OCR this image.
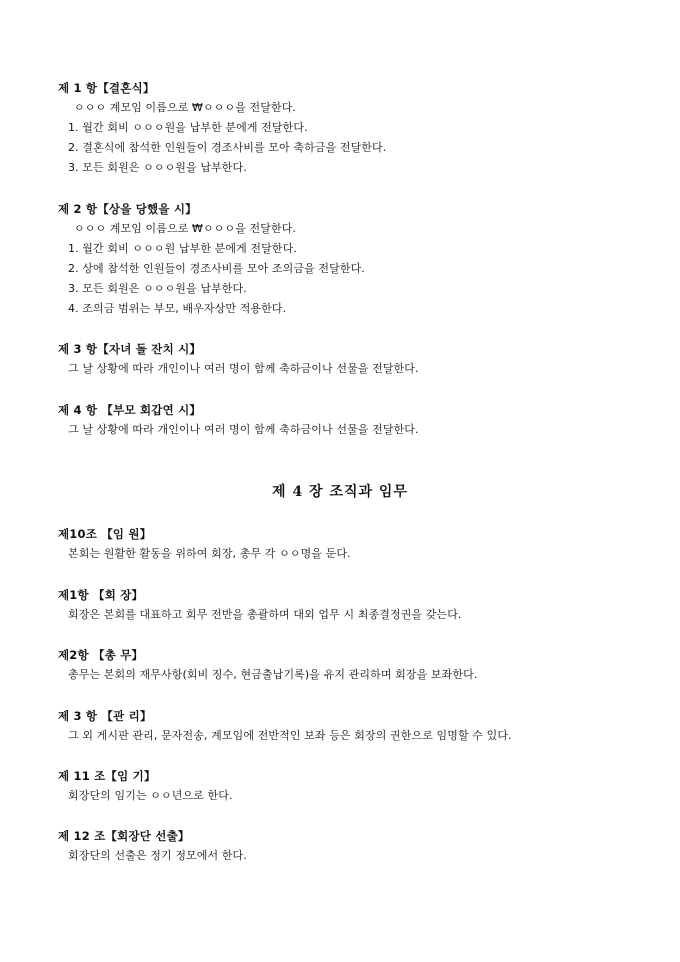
제 1 항【결혼식】
ㅇㅇㅇ 계모임 이름으로 ₩ㅇㅇㅇ을 전달한다.
1. 월간 회비 ㅇㅇㅇ원을 납부한 분에게 전달한다.
2. 결혼식에 참석한 인원들이 경조사비를 모아 축하금을 전달한다.
3. 모든 회원은 ㅇㅇㅇ원을 납부한다.
제 2 항【상을 당했을 시】
ㅇㅇㅇ 계모임 이름으로 ₩ㅇㅇㅇ을 전달한다.
1. 월간 회비 ㅇㅇㅇ원 납부한 분에게 전달한다.
2. 상에 참석한 인원들이 경조사비를 모아 조의금을 전달한다.
3. 모든 회원은 ㅇㅇㅇ원을 납부한다.
4. 조의금 범위는 부모, 배우자상만 적용한다.
제 3 항【자녀 돌 잔치 시】
그 날 상황에 따라 개인이나 여러 명이 함께 축하금이나 선물을 전달한다.
제 4 항 【부모 회갑연 시】
그 날 상황에 따라 개인이나 여러 명이 함께 축하금이나 선물을 전달한다.
제 4 장 조직과 임무
제10조 【임 원】
본회는 원활한 활동을 위하여 회장, 총무 각 ㅇㅇ명을 둔다.
제1항 【회 장】
회장은 본회를 대표하고 회무 전반을 총괄하며 대외 업무 시 최종결정권을 갖는다.
제2항 【총 무】
총무는 본회의 재무사항(회비 징수, 현금출납기록)을 유지 관리하며 회장을 보좌한다.
제 3 항 【관 리】
그 외 게시판 관리, 문자전송, 계모임에 전반적인 보좌 등은 회장의 권한으로 임명할 수 있다.
제 11 조【임 기】
회장단의 임기는 ㅇㅇ년으로 한다.
제 12 조【회장단 선출】
회장단의 선출은 정기 정모에서 한다.
